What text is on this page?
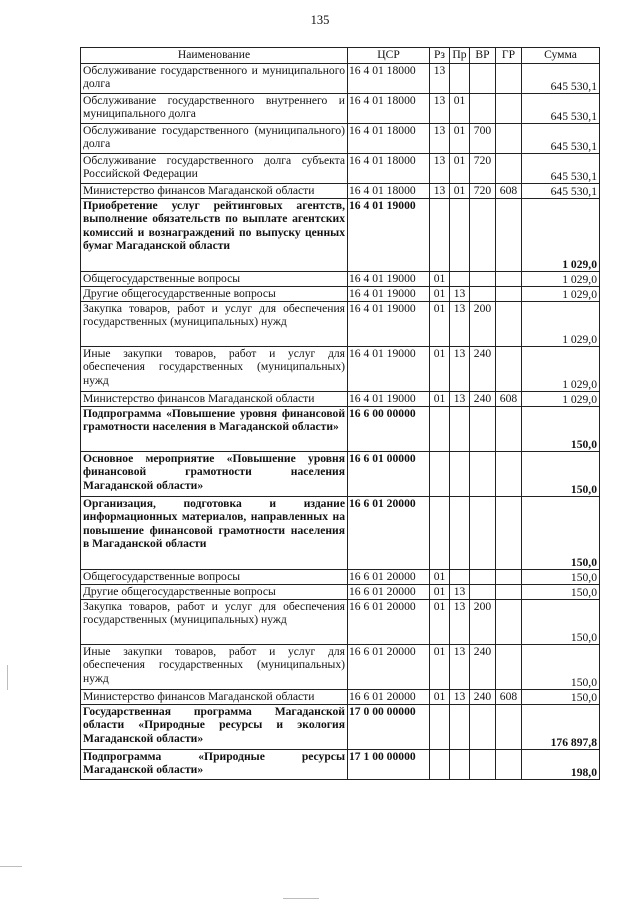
135
Наименование	ЦСР	Рз	Пр	ВР	ГР	Сумма
Обслуживание государственного и муниципального долга	16 4 01 18000	13				645 530,1
Обслуживание государственного внутреннего и муниципального долга	16 4 01 18000	13	01			645 530,1
Обслуживание государственного (муниципального) долга	16 4 01 18000	13	01	700		645 530,1
Обслуживание государственного долга субъекта Российской Федерации	16 4 01 18000	13	01	720		645 530,1
Министерство финансов Магаданской области	16 4 01 18000	13	01	720	608	645 530,1
Приобретение услуг рейтинговых агентств, выполнение обязательств по выплате агентских комиссий и вознаграждений по выпуску ценных бумаг Магаданской области	16 4 01 19000					1 029,0
Общегосударственные вопросы	16 4 01 19000	01				1 029,0
Другие общегосударственные вопросы	16 4 01 19000	01	13			1 029,0
Закупка товаров, работ и услуг для обеспечения государственных (муниципальных) нужд	16 4 01 19000	01	13	200		1 029,0
Иные закупки товаров, работ и услуг для обеспечения государственных (муниципальных) нужд	16 4 01 19000	01	13	240		1 029,0
Министерство финансов Магаданской области	16 4 01 19000	01	13	240	608	1 029,0
Подпрограмма «Повышение уровня финансовой грамотности населения в Магаданской области»	16 6 00 00000					150,0
Основное мероприятие «Повышение уровня финансовой грамотности населения Магаданской области»	16 6 01 00000					150,0
Организация, подготовка и издание информационных материалов, направленных на повышение финансовой грамотности населения в Магаданской области	16 6 01 20000					150,0
Общегосударственные вопросы	16 6 01 20000	01				150,0
Другие общегосударственные вопросы	16 6 01 20000	01	13			150,0
Закупка товаров, работ и услуг для обеспечения государственных (муниципальных) нужд	16 6 01 20000	01	13	200		150,0
Иные закупки товаров, работ и услуг для обеспечения государственных (муниципальных) нужд	16 6 01 20000	01	13	240		150,0
Министерство финансов Магаданской области	16 6 01 20000	01	13	240	608	150,0
Государственная программа Магаданской области «Природные ресурсы и экология Магаданской области»	17 0 00 00000					176 897,8
Подпрограмма «Природные ресурсы Магаданской области»	17 1 00 00000					198,0
